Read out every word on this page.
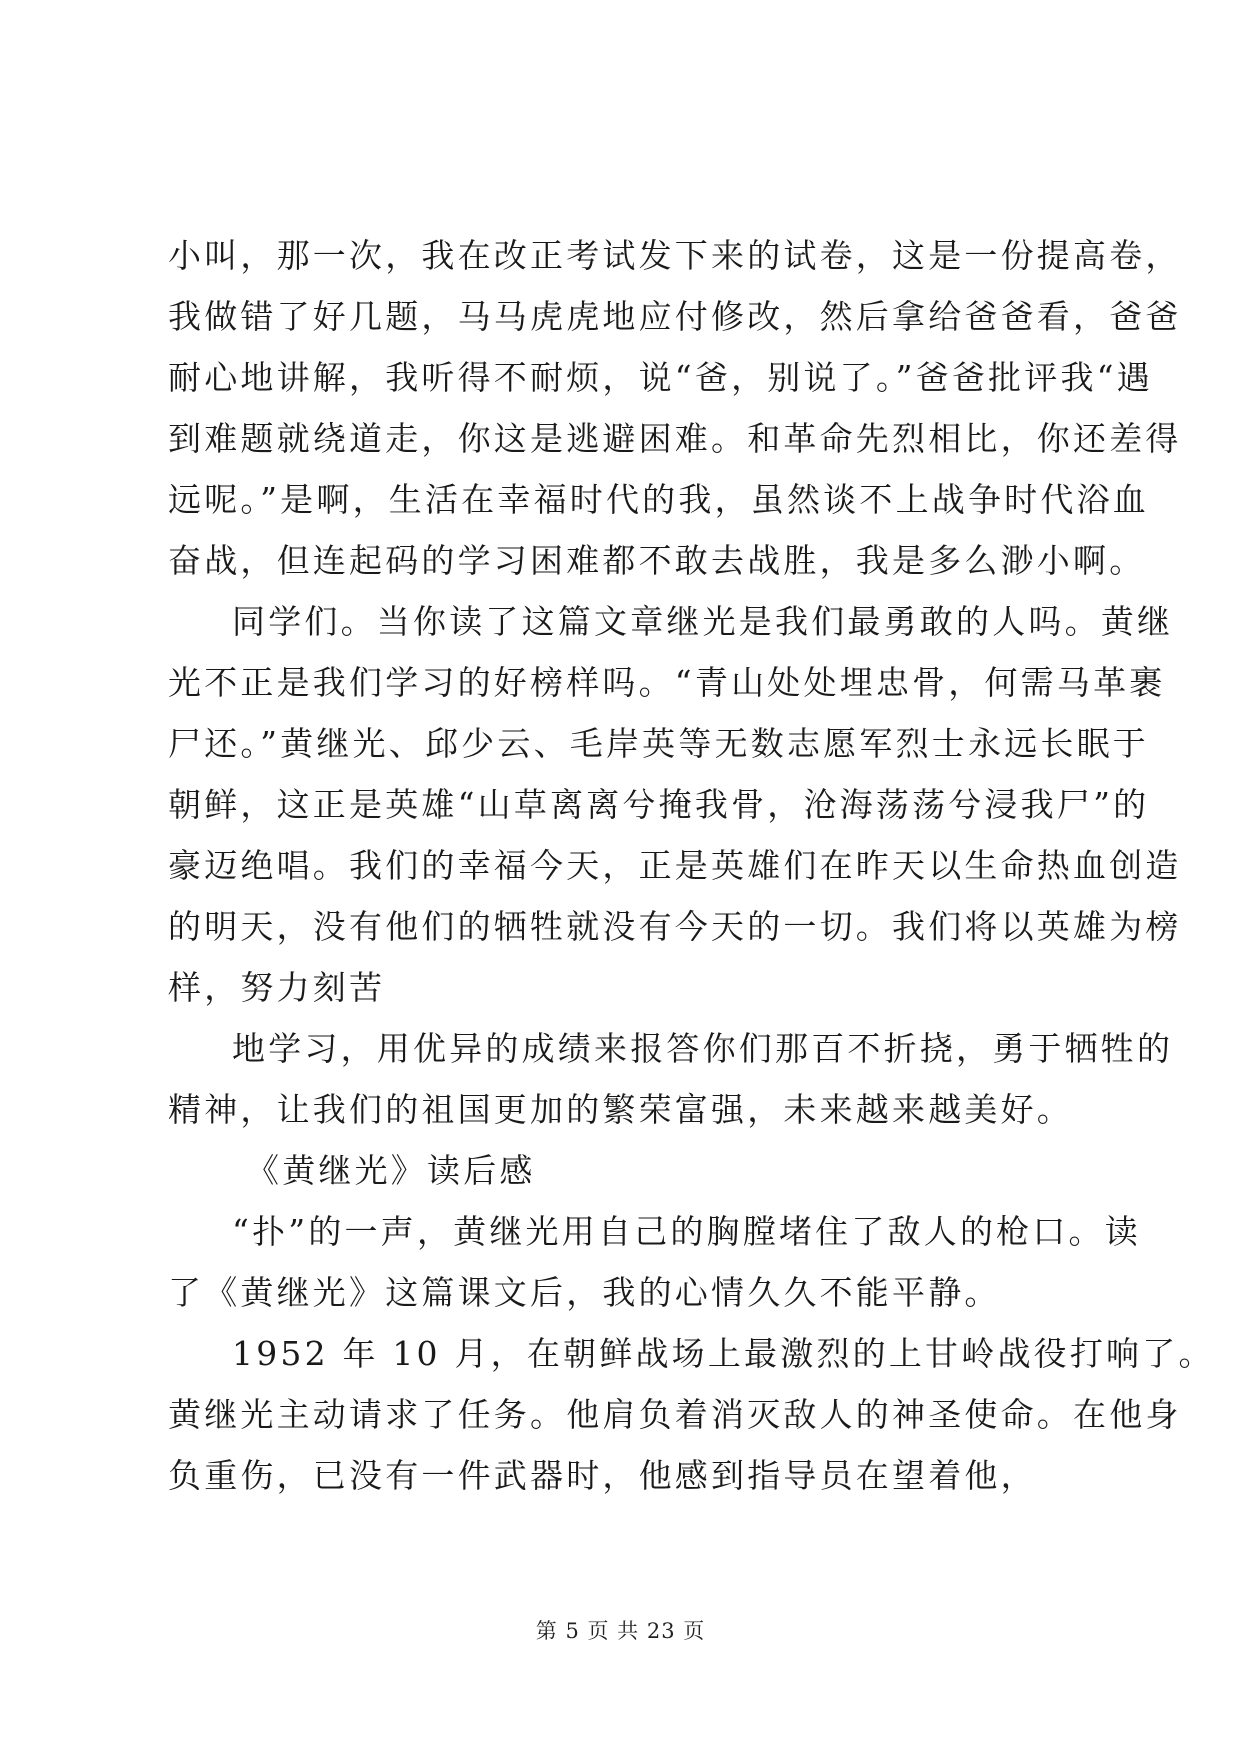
小叫，那一次，我在改正考试发下来的试卷，这是一份提高卷，
我做错了好几题，马马虎虎地应付修改，然后拿给爸爸看，爸爸
耐心地讲解，我听得不耐烦，说“爸，别说了。”爸爸批评我“遇
到难题就绕道走，你这是逃避困难。和革命先烈相比，你还差得
远呢。”是啊，生活在幸福时代的我，虽然谈不上战争时代浴血
奋战，但连起码的学习困难都不敢去战胜，我是多么渺小啊。
同学们。当你读了这篇文章继光是我们最勇敢的人吗。黄继
光不正是我们学习的好榜样吗。“青山处处埋忠骨，何需马革裹
尸还。”黄继光、邱少云、毛岸英等无数志愿军烈士永远长眠于
朝鲜，这正是英雄“山草离离兮掩我骨，沧海荡荡兮浸我尸”的
豪迈绝唱。我们的幸福今天，正是英雄们在昨天以生命热血创造
的明天，没有他们的牺牲就没有今天的一切。我们将以英雄为榜
样，努力刻苦
地学习，用优异的成绩来报答你们那百不折挠，勇于牺牲的
精神，让我们的祖国更加的繁荣富强，未来越来越美好。
《黄继光》读后感
“扑”的一声，黄继光用自己的胸膛堵住了敌人的枪口。读
了《黄继光》这篇课文后，我的心情久久不能平静。
1952 年 10 月，在朝鲜战场上最激烈的上甘岭战役打响了。
黄继光主动请求了任务。他肩负着消灭敌人的神圣使命。在他身
负重伤，已没有一件武器时，他感到指导员在望着他，
第 5 页 共 23 页
